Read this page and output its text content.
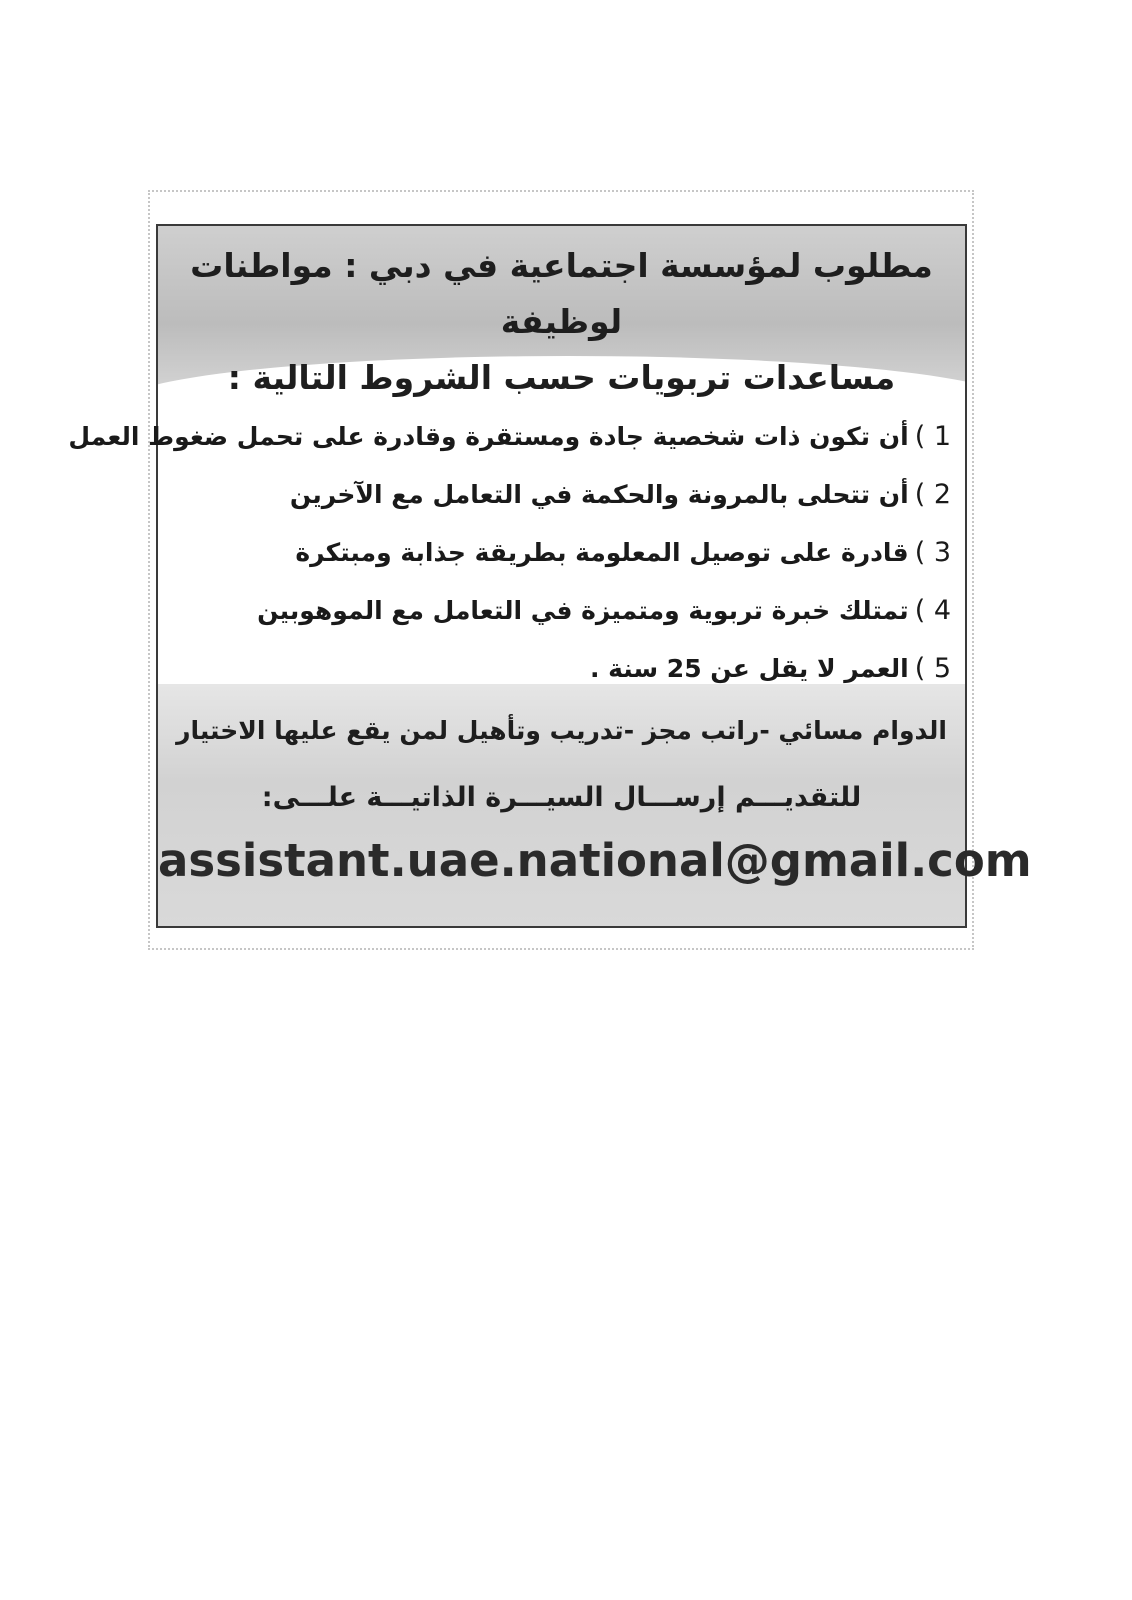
مطلوب لمؤسسة اجتماعية في دبي : مواطنات لوظيفة
مساعدات تربويات حسب الشروط التالية :
1 )أن تكون ذات شخصية جادة ومستقرة وقادرة على تحمل ضغوط العمل
2 )أن تتحلى بالمرونة والحكمة في التعامل مع الآخرين
3 )قادرة على توصيل المعلومة بطريقة جذابة ومبتكرة
4 )تمتلك خبرة تربوية ومتميزة في التعامل مع الموهوبين
5 )العمر لا يقل عن 25 سنة .
الدوام مسائي -راتب مجز -تدريب وتأهيل لمن يقع عليها الاختيار
للتقديـــم إرســـال السيـــرة الذاتيـــة علـــى:
assistant.uae.national@gmail.com
